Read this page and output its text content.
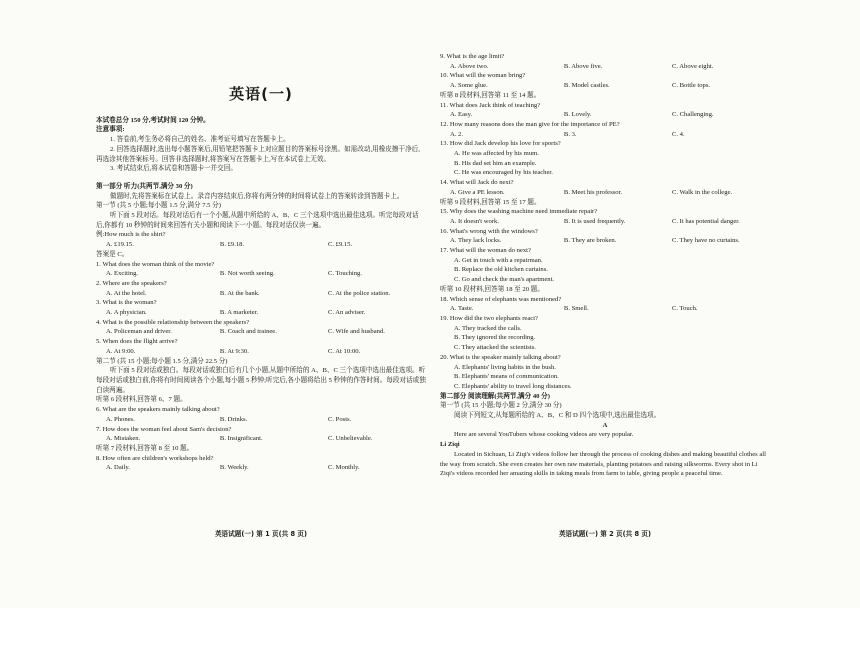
英语(一)
本试卷总分 150 分,考试时间 120 分钟。
注意事项:
1. 答卷前,考生务必将自己的姓名、准考证号填写在答题卡上。
2. 回答选择题时,选出每小题答案后,用铅笔把答题卡上对应题目的答案标号涂黑。如需改动,用橡皮擦干净后,再选涂其他答案标号。回答非选择题时,将答案写在答题卡上,写在本试卷上无效。
3. 考试结束后,将本试卷和答题卡一并交回。
第一部分 听力(共两节,满分 30 分)
做题时,先将答案标在试卷上。录音内容结束后,你将有两分钟的时间将试卷上的答案转涂到答题卡上。
第一节 (共 5 小题;每小题 1.5 分,满分 7.5 分)
听下面 5 段对话。每段对话后有一个小题,从题中所给的 A、B、C 三个选项中选出最佳选项。听完每段对话后,你都有 10 秒钟的时间来回答有关小题和阅读下一小题。每段对话仅读一遍。
例:How much is the shirt?
A. £19.15.	B. £9.18.	C. £9.15.
答案是 C。
1. What does the woman think of the movie?
A. Exciting.	B. Not worth seeing.	C. Touching.
2. Where are the speakers?
A. At the hotel.	B. At the bank.	C. At the police station.
3. What is the woman?
A. A physician.	B. A marketer.	C. An adviser.
4. What is the possible relationship between the speakers?
A. Policeman and driver.	B. Coach and trainee.	C. Wife and husband.
5. When does the flight arrive?
A. At 9:00.	B. At 9:30.	C. At 10:00.
第二节 (共 15 小题;每小题 1.5 分,满分 22.5 分)
听下面 5 段对话或独白。每段对话或独白后有几个小题,从题中所给的 A、B、C 三个选项中选出最佳选项。听每段对话或独白前,你将有时间阅读各个小题,每小题 5 秒钟;听完后,各小题将给出 5 秒钟的作答时间。每段对话或独白读两遍。
听第 6 段材料,回答第 6、7 题。
6. What are the speakers mainly talking about?
A. Phones.	B. Drinks.	C. Posts.
7. How does the woman feel about Sam's decision?
A. Mistaken.	B. Insignificant.	C. Unbelievable.
听第 7 段材料,回答第 8 至 10 题。
8. How often are children's workshops held?
A. Daily.	B. Weekly.	C. Monthly.
英语试题(一) 第 1 页(共 8 页)
9. What is the age limit?
A. Above two.	B. Above five.	C. Above eight.
10. What will the woman bring?
A. Some glue.	B. Model castles.	C. Bottle tops.
听第 8 段材料,回答第 11 至 14 题。
11. What does Jack think of teaching?
A. Easy.	B. Lovely.	C. Challenging.
12. How many reasons does the man give for the importance of PE?
A. 2.	B. 3.	C. 4.
13. How did Jack develop his love for sports?
A. He was affected by his mum.
B. His dad set him an example.
C. He was encouraged by his teacher.
14. What will Jack do next?
A. Give a PE lesson.	B. Meet his professor.	C. Walk in the college.
听第 9 段材料,回答第 15 至 17 题。
15. Why does the washing machine need immediate repair?
A. It doesn't work.	B. It is used frequently.	C. It has potential danger.
16. What's wrong with the windows?
A. They lack locks.	B. They are broken.	C. They have no curtains.
17. What will the woman do next?
A. Get in touch with a repairman.
B. Replace the old kitchen curtains.
C. Go and check the man's apartment.
听第 10 段材料,回答第 18 至 20 题。
18. Which sense of elephants was mentioned?
A. Taste.	B. Smell.	C. Touch.
19. How did the two elephants react?
A. They tracked the calls.
B. They ignored the recording.
C. They attacked the scientists.
20. What is the speaker mainly talking about?
A. Elephants' living habits in the bush.
B. Elephants' means of communication.
C. Elephants' ability to travel long distances.
第二部分 阅读理解(共两节,满分 40 分)
第一节 (共 15 小题;每小题 2 分,满分 30 分)
阅读下列短文,从每题所给的 A、B、C 和 D 四个选项中,选出最佳选项。
A
Here are several YouTubers whose cooking videos are very popular.
Li Ziqi
Located in Sichuan, Li Ziqi's videos follow her through the process of cooking dishes and making beautiful clothes all the way from scratch. She even creates her own raw materials, planting potatoes and raising silkworms. Every shot in Li Ziqi's videos recorded her amazing skills in taking meals from farm to table, giving people a peaceful time.
英语试题(一) 第 2 页(共 8 页)
